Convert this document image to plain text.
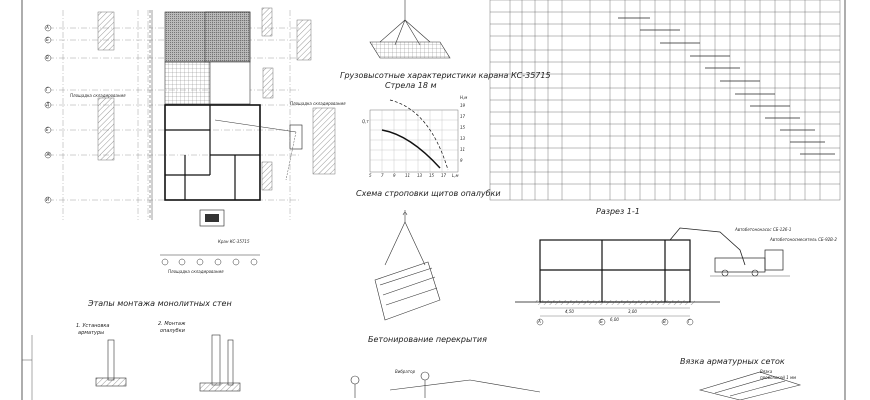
Этапы монтажа монолитных стен
Грузовысотные характеристики карана КС-35715
Стрела 18 м
Схема строповки щитов опалубки
Бетонирование перекрытия
Разрез 1-1
Вязка арматурных сеток
1. Установка
арматуры
2. Монтаж
опалубки
Автобетононасос СБ-126-1
Автобетоносмеситель СБ-92В-2
Вибратор	Вязка
проволокой 1 мм
Площадка складирования
Площадка складирования
Площадка складирования
Кран КС-35715
L,м
H,м
Q,т
А
Б
В
Г
Д
Е
Ж
И
5 7 9 11 13 15 17
19
17
15
13
11
9
А	Б	В	Г
4,50	3,00
6,00
